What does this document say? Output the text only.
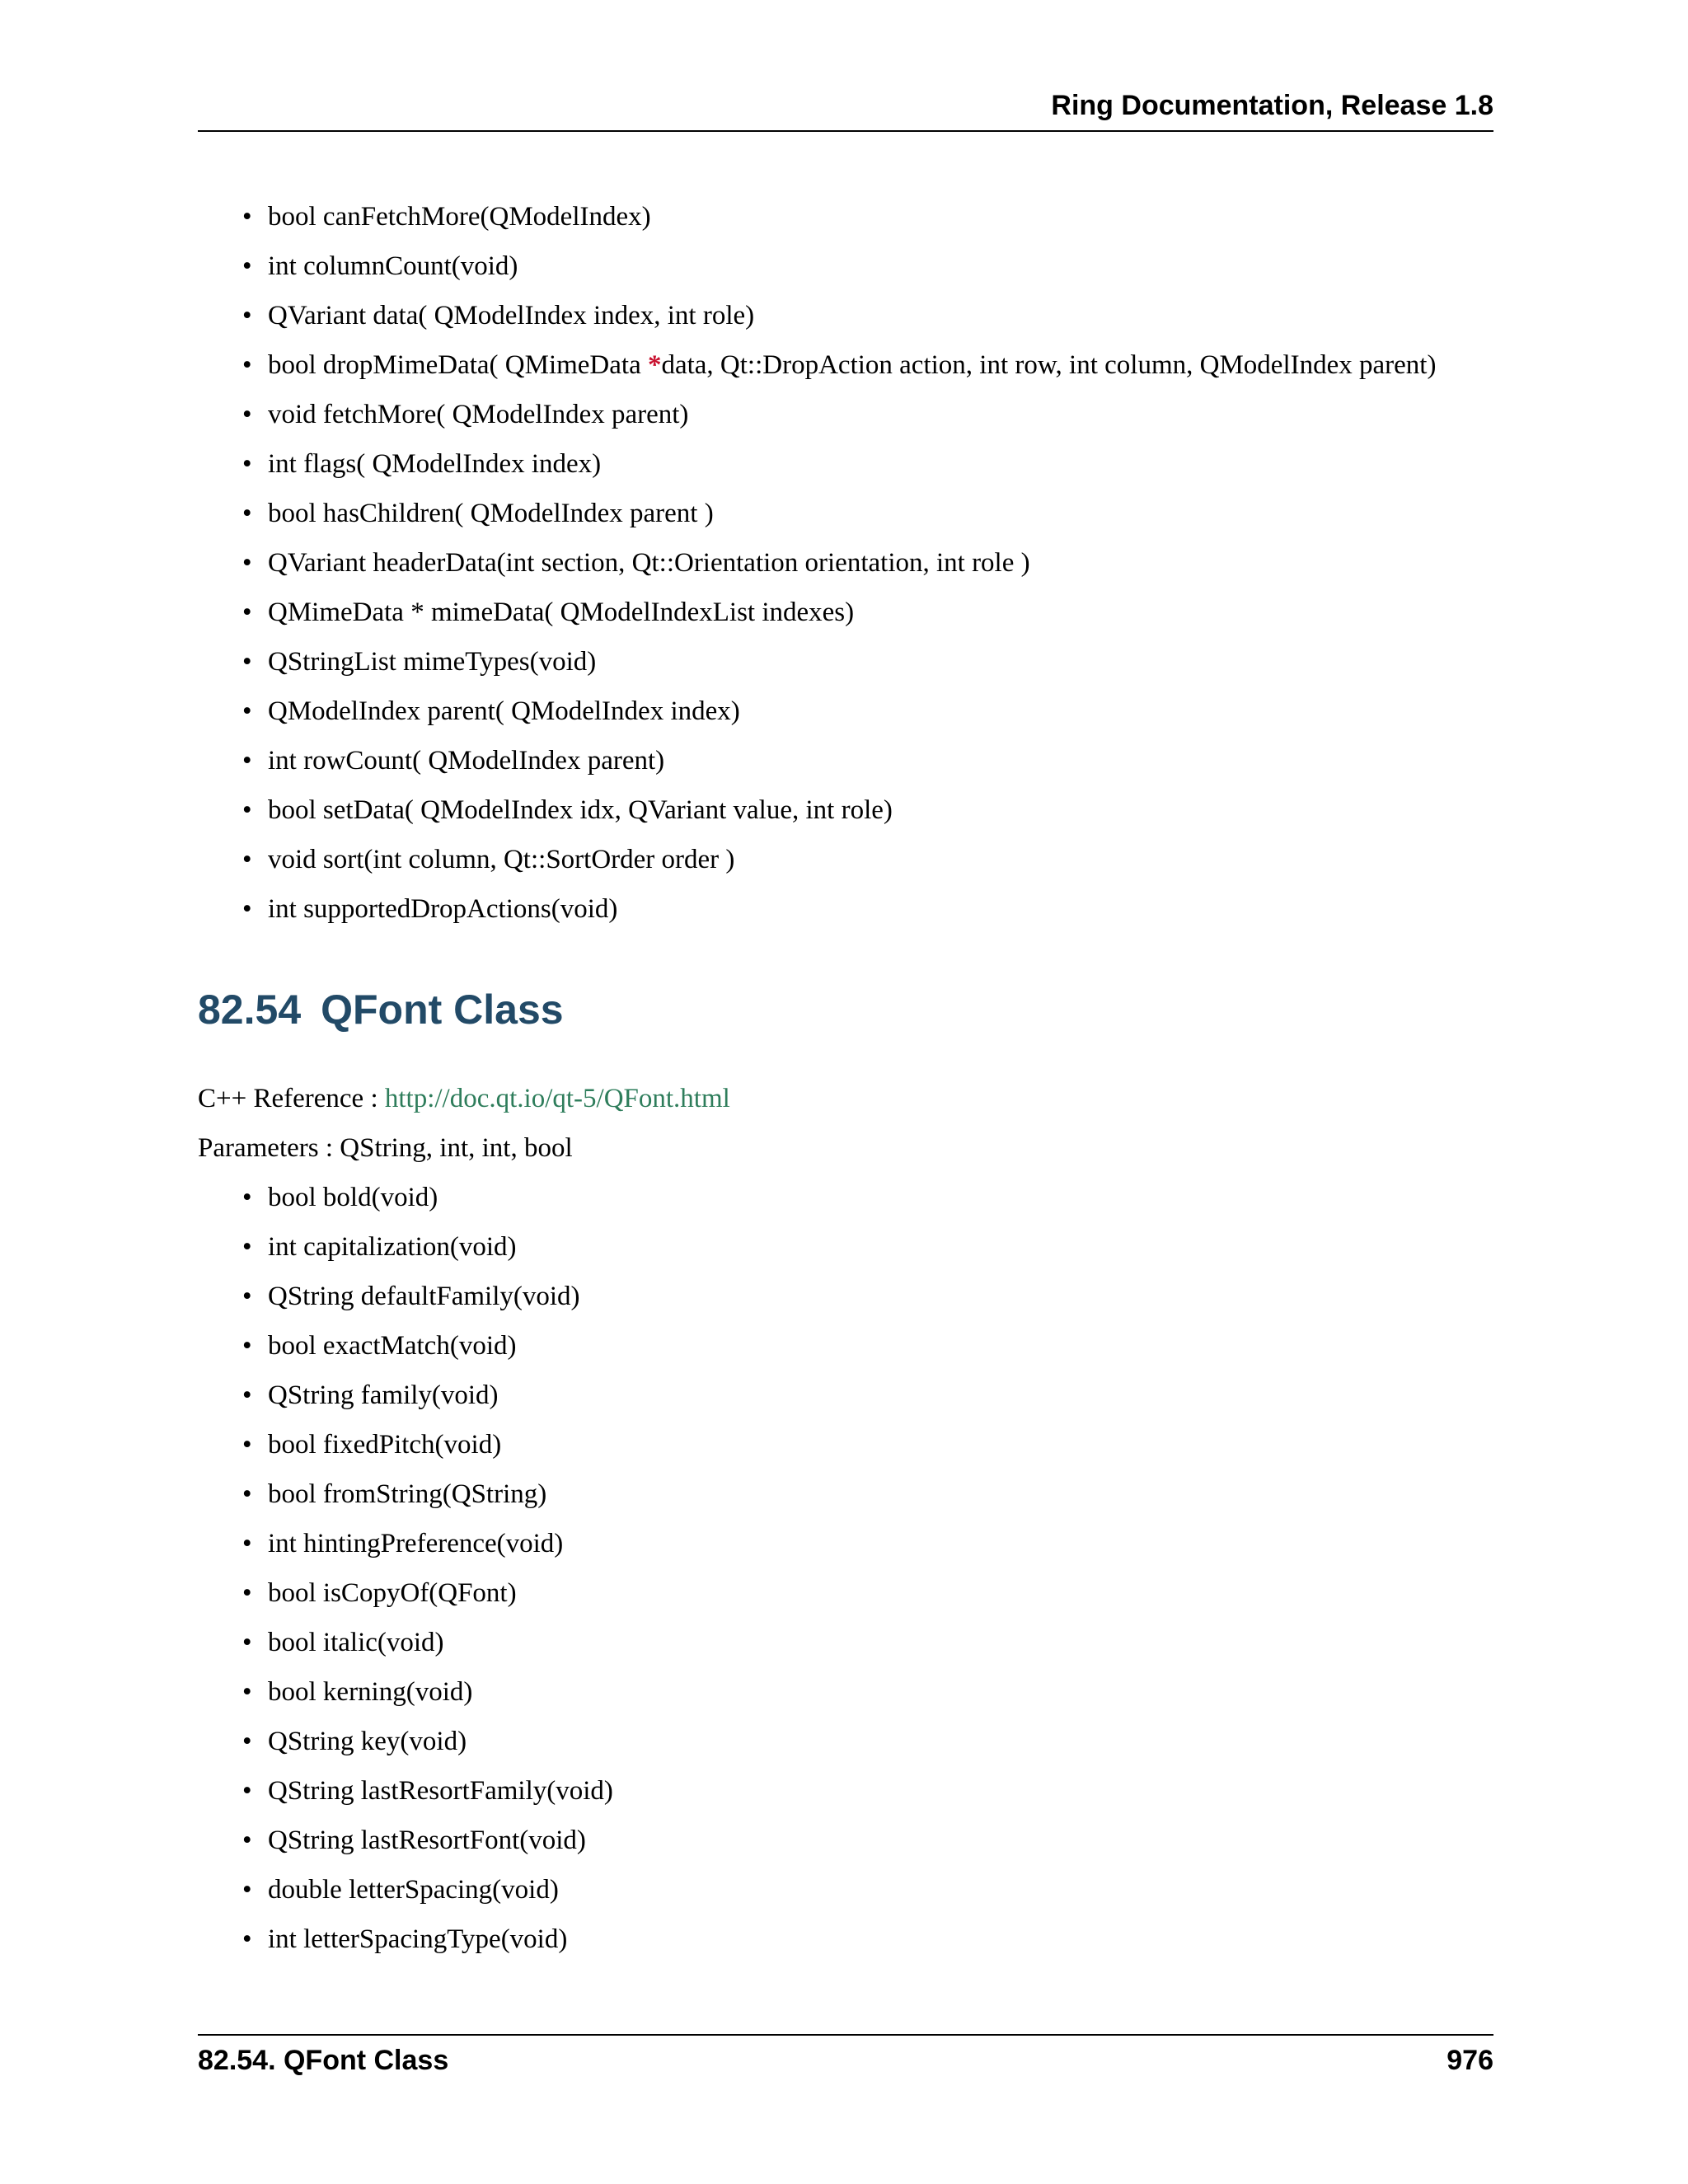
Ring Documentation, Release 1.8
• bool canFetchMore(QModelIndex)
• int columnCount(void)
• QVariant data( QModelIndex index, int role)
• bool dropMimeData( QMimeData *data, Qt::DropAction action, int row, int column, QModelIndex parent)
• void fetchMore( QModelIndex parent)
• int flags( QModelIndex index)
• bool hasChildren( QModelIndex parent )
• QVariant headerData(int section, Qt::Orientation orientation, int role )
• QMimeData * mimeData( QModelIndexList indexes)
• QStringList mimeTypes(void)
• QModelIndex parent( QModelIndex index)
• int rowCount( QModelIndex parent)
• bool setData( QModelIndex idx, QVariant value, int role)
• void sort(int column, Qt::SortOrder order )
• int supportedDropActions(void)
82.54 QFont Class
C++ Reference : http://doc.qt.io/qt-5/QFont.html
Parameters : QString, int, int, bool
• bool bold(void)
• int capitalization(void)
• QString defaultFamily(void)
• bool exactMatch(void)
• QString family(void)
• bool fixedPitch(void)
• bool fromString(QString)
• int hintingPreference(void)
• bool isCopyOf(QFont)
• bool italic(void)
• bool kerning(void)
• QString key(void)
• QString lastResortFamily(void)
• QString lastResortFont(void)
• double letterSpacing(void)
• int letterSpacingType(void)
82.54. QFont Class	976
